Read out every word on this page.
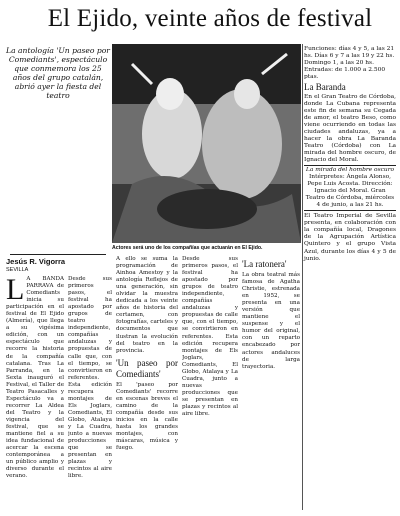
El Ejido, veinte años de festival
La antología 'Un paseo por Comediants', espectáculo que conmemora los 25 años del grupo catalán, abrió ayer la fiesta del teatro
Jesús R. Vigorra
SEVILLA
Actores será uno de los compañías que actuarán en El Ejido.
L A BANDA PARRAVA de Comediants inicia su participación en el festival de El Ejido (Almería), que llega a su vigésima edición, con un espectáculo que recorre la historia de la compañía catalana. Tras La Parranda, en la Sexta inauguró el Festival, el Taller de Teatro Pasacalles y Espectáculo va a recorrer La Aldea del Teatro y la vigencia del festival, que se mantiene fiel a su idea fundacional de acercar la escena contemporánea a un público amplio y diverso durante el verano.
Desde sus primeros pasos, el festival ha apostado por grupos de teatro independiente, compañías andaluzas y propuestas de calle que, con el tiempo, se convirtieron en referentes. Esta edición recupera montajes de Els Joglars, Comediants, El Globo, Atalaya y La Cuadra, junto a nuevas producciones que se presentan en plazas y recintos al aire libre.

A ello se suma la programación de Ainhoa Amestoy y la antología Reflejos de una generación, sin olvidar la muestra dedicada a los veinte años de historia del certamen, con fotografías, carteles y documentos que ilustran la evolución del teatro en la provincia.

'Un paseo por Comediants'

El 'paseo por Comediants' recorre en escenas breves el camino de la compañía desde sus inicios en la calle hasta los grandes montajes, con máscaras, música y fuego.

Desde sus primeros pasos, el festival ha apostado por grupos de teatro independiente, compañías andaluzas y propuestas de calle que, con el tiempo, se convirtieron en referentes. Esta edición recupera montajes de Els Joglars, Comediants, El Globo, Atalaya y La Cuadra, junto a nuevas producciones que se presentan en plazas y recintos al aire libre.

'La ratonera'

La obra teatral más famosa de Agatha Christie, estrenada en 1952, se presenta en una versión que mantiene el suspense y el humor del original, con un reparto encabezado por actores andaluces de larga trayectoria.

Funciones: días 4 y 5, a las 21 hs. Días 6 y 7 a las 19 y 22 hs. Domingo 1, a las 20 hs. Entradas: de 1.000 a 2.500 ptas.

La Baranda

En el Gran Teatro de Córdoba, donde La Cubana representa este fin de semana su Cegada de amor, el teatro Beso, como viene ocurriendo en todas las ciudades andaluzas, ya a hacer la obra La Baranda Teatro (Córdoba) con La mirada del hombre oscuro, de Ignacio del Moral.

La mirada del hombre oscuro
Intérpretes: Ángela Alonso, Pepe Luis Acosta. Dirección: Ignacio del Moral. Gran Teatro de Córdoba, miércoles 4 de junio, a las 21 hs.

El Teatro Imperial de Sevilla presenta, en colaboración con la compañía local, Dragones de la Agrupación Artística Quintero y el grupo Vista Azul, durante los días 4 y 5 de junio.
